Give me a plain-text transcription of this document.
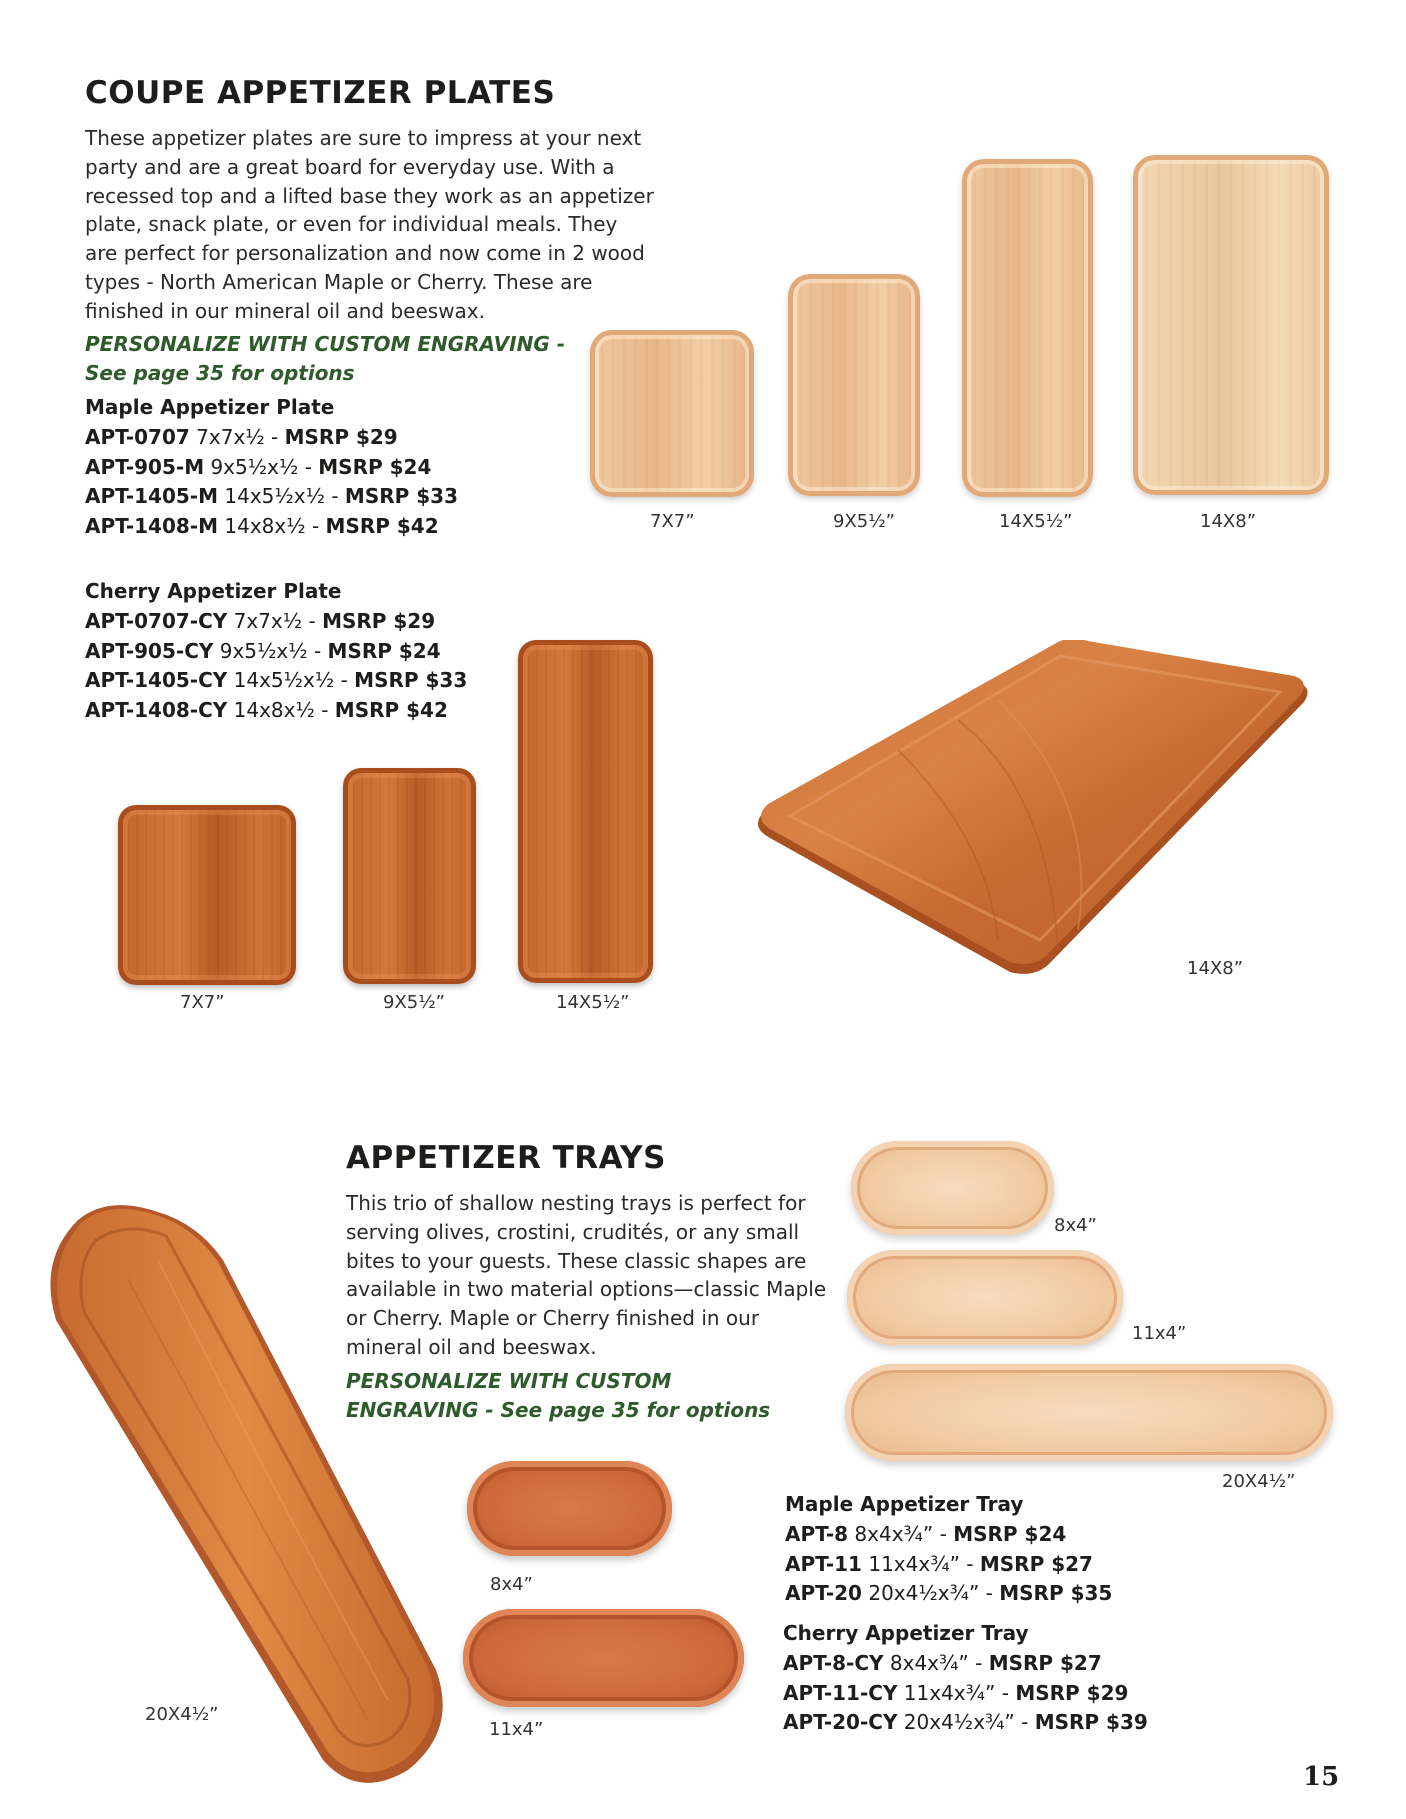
COUPE APPETIZER PLATES

These appetizer plates are sure to impress at your next party and are a great board for everyday use. With a recessed top and a lifted base they work as an appetizer plate, snack plate, or even for individual meals. They are perfect for personalization and now come in 2 wood types - North American Maple or Cherry. These are finished in our mineral oil and beeswax.

PERSONALIZE WITH CUSTOM ENGRAVING -
See page 35 for options
Maple Appetizer Plate
APT-0707 7x7x½ - MSRP $29
APT-905-M 9x5½x½ - MSRP $24
APT-1405-M 14x5½x½ - MSRP $33
APT-1408-M 14x8x½ - MSRP $42
Cherry Appetizer Plate
APT-0707-CY 7x7x½ - MSRP $29
APT-905-CY 9x5½x½ - MSRP $24
APT-1405-CY 14x5½x½ - MSRP $33
APT-1408-CY 14x8x½ - MSRP $42
7X7”	9X5½”	14X5½”	14X8”
7X7”	9X5½”	14X5½”
14X8”
APPETIZER TRAYS

This trio of shallow nesting trays is perfect for serving olives, crostini, crudités, or any small bites to your guests. These classic shapes are available in two material options—classic Maple or Cherry. Maple or Cherry finished in our mineral oil and beeswax.

PERSONALIZE WITH CUSTOM
ENGRAVING - See page 35 for options
20X4½”
8x4”
11x4”
8x4”
11x4”
20X4½”
Maple Appetizer Tray
APT-8 8x4x¾” - MSRP $24
APT-11 11x4x¾” - MSRP $27
APT-20 20x4½x¾” - MSRP $35
Cherry Appetizer Tray
APT-8-CY 8x4x¾” - MSRP $27
APT-11-CY 11x4x¾” - MSRP $29
APT-20-CY 20x4½x¾” - MSRP $39
15
